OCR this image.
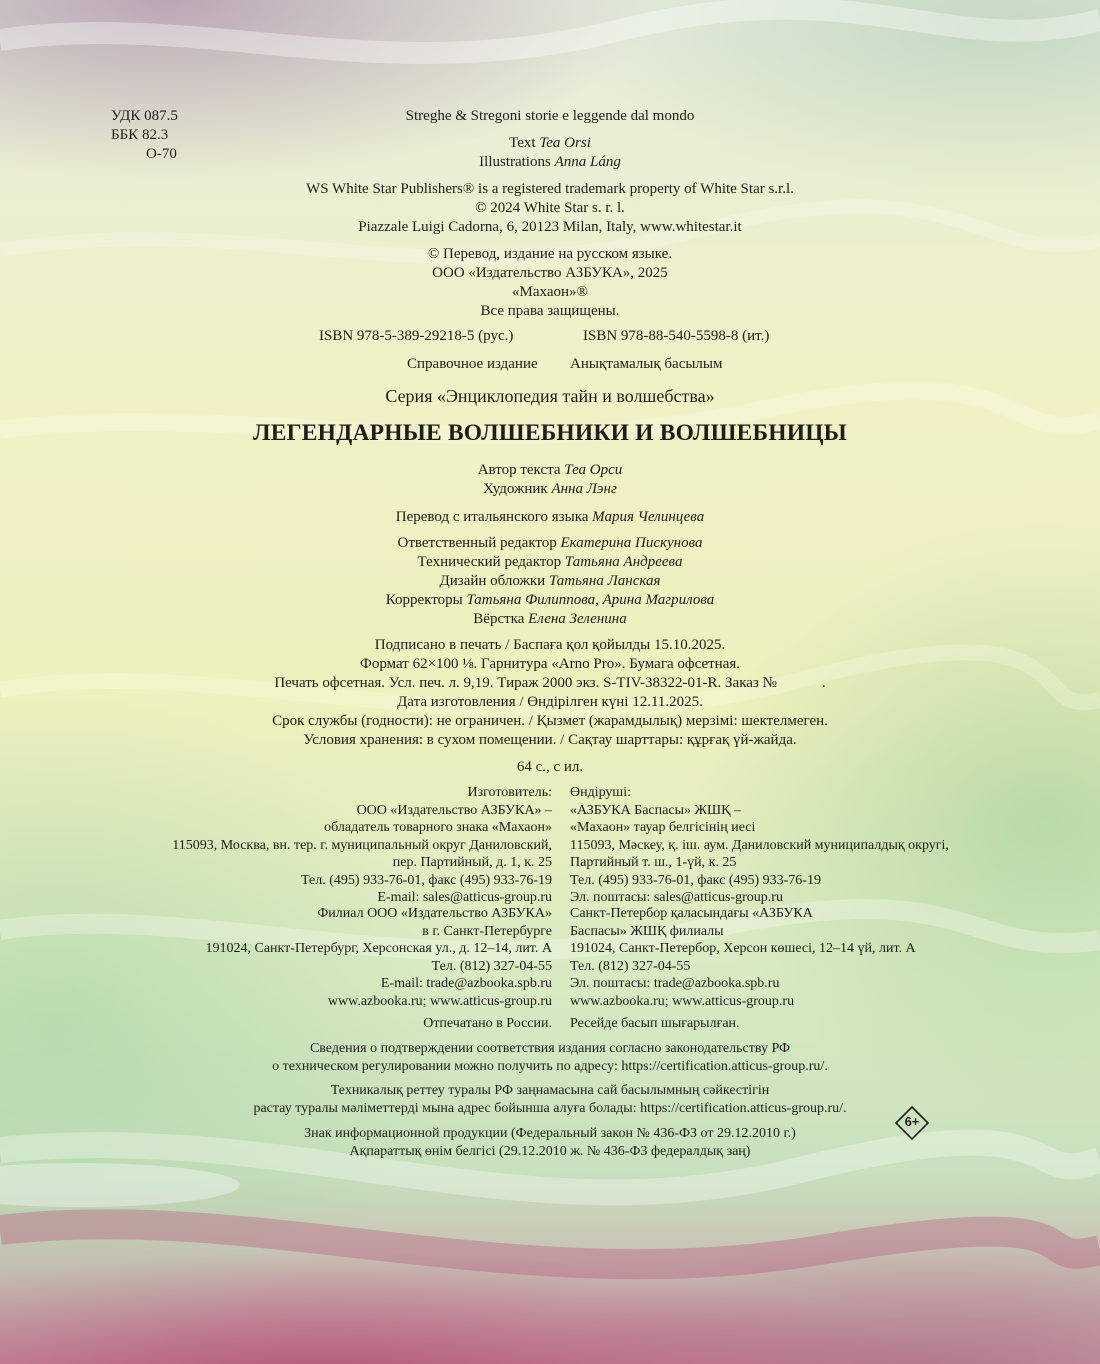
УДК 087.5
ББК 82.3
О-70
Streghe & Stregoni storie e leggende dal mondo
Text Tea Orsi
Illustrations Anna Láng
WS White Star Publishers® is a registered trademark property of White Star s.r.l.
© 2024 White Star s. r. l.
Piazzale Luigi Cadorna, 6, 20123 Milan, Italy, www.whitestar.it
© Перевод, издание на русском языке.
ООО «Издательство АЗБУКА», 2025
«Махаон»®
Все права защищены.
ISBN 978-5-389-29218-5 (рус.)	ISBN 978-88-540-5598-8 (ит.)
Справочное издание Анықтамалық басылым
Серия «Энциклопедия тайн и волшебства»
ЛЕГЕНДАРНЫЕ ВОЛШЕБНИКИ И ВОЛШЕБНИЦЫ
Автор текста Теа Орси
Художник Анна Лэнг
Перевод с итальянского языка Мария Челинцева
Ответственный редактор Екатерина Пискунова
Технический редактор Татьяна Андреева
Дизайн обложки Татьяна Ланская
Корректоры Татьяна Филиппова, Арина Магрилова
Вёрстка Елена Зеленина
Подписано в печать / Баспаға қол қойылды 15.10.2025.
Формат 62×100 ⅛. Гарнитура «Arno Pro». Бумага офсетная.
Печать офсетная. Усл. печ. л. 9,19. Тираж 2000 экз. S-TIV-38322-01-R. Заказ №            .
Дата изготовления / Өндірілген күні 12.11.2025.
Срок службы (годности): не ограничен. / Қызмет (жарамдылық) мерзімі: шектелмеген.
Условия хранения: в сухом помещении. / Сақтау шарттары: құрғақ үй-жайда.
64 с., с ил.
Изготовитель:
ООО «Издательство АЗБУКА» –
обладатель товарного знака «Махаон»
115093, Москва, вн. тер. г. муниципальный округ Даниловский,
пер. Партийный, д. 1, к. 25
Тел. (495) 933-76-01, факс (495) 933-76-19
E-mail: sales@atticus-group.ru
Өндіруші:
«АЗБУКА Баспасы» ЖШҚ –
«Махаон» тауар белгісінің иесі
115093, Мәскеу, қ. іш. аум. Даниловский муниципалдық округі,
Партийный т. ш., 1-үй, к. 25
Тел. (495) 933-76-01, факс (495) 933-76-19
Эл. поштасы: sales@atticus-group.ru
Филиал ООО «Издательство АЗБУКА»
в г. Санкт-Петербурге
191024, Санкт-Петербург, Херсонская ул., д. 12–14, лит. А
Тел. (812) 327-04-55
E-mail: trade@azbooka.spb.ru
Санкт-Петербор қаласындағы «АЗБУКА
Баспасы» ЖШҚ филиалы
191024, Санкт-Петербор, Херсон көшесі, 12–14 үй, лит. А
Тел. (812) 327-04-55
Эл. поштасы: trade@azbooka.spb.ru
www.azbooka.ru; www.atticus-group.ru www.azbooka.ru; www.atticus-group.ru
Отпечатано в России. Ресейде басып шығарылған.
Сведения о подтверждении соответствия издания согласно законодательству РФ
о техническом регулировании можно получить по адресу: https://certification.atticus-group.ru/.
Техникалық реттеу туралы РФ заңнамасына сай басылымның сәйкестігін
растау туралы мәліметтерді мына адрес бойынша алуға болады: https://certification.atticus-group.ru/.
Знак информационной продукции (Федеральный закон № 436-ФЗ от 29.12.2010 г.)
Ақпараттық өнім белгісі (29.12.2010 ж. № 436-ФЗ федералдық заң)
6+
